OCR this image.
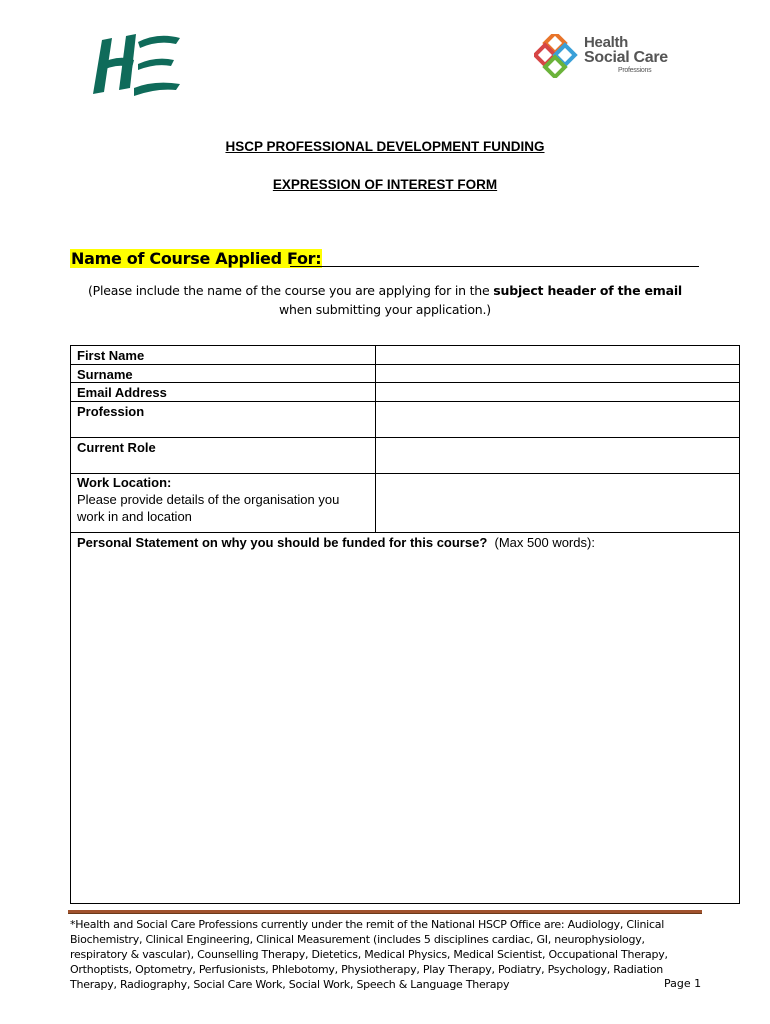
Health
Social Care
Professions
HSCP PROFESSIONAL DEVELOPMENT FUNDING
EXPRESSION OF INTEREST FORM
Name of Course Applied For:
(Please include the name of the course you are applying for in the subject header of the email
when submitting your application.)
First Name
Surname
Email Address
Profession
Current Role
Work Location:
Please provide details of the organisation you
work in and location
Personal Statement on why you should be funded for this course? (Max 500 words):
*Health and Social Care Professions currently under the remit of the National HSCP Office are: Audiology, Clinical
Biochemistry, Clinical Engineering, Clinical Measurement (includes 5 disciplines cardiac, GI, neurophysiology,
respiratory & vascular), Counselling Therapy, Dietetics, Medical Physics, Medical Scientist, Occupational Therapy,
Orthoptists, Optometry, Perfusionists, Phlebotomy, Physiotherapy, Play Therapy, Podiatry, Psychology, Radiation
Therapy, Radiography, Social Care Work, Social Work, Speech & Language Therapy	Page 1
